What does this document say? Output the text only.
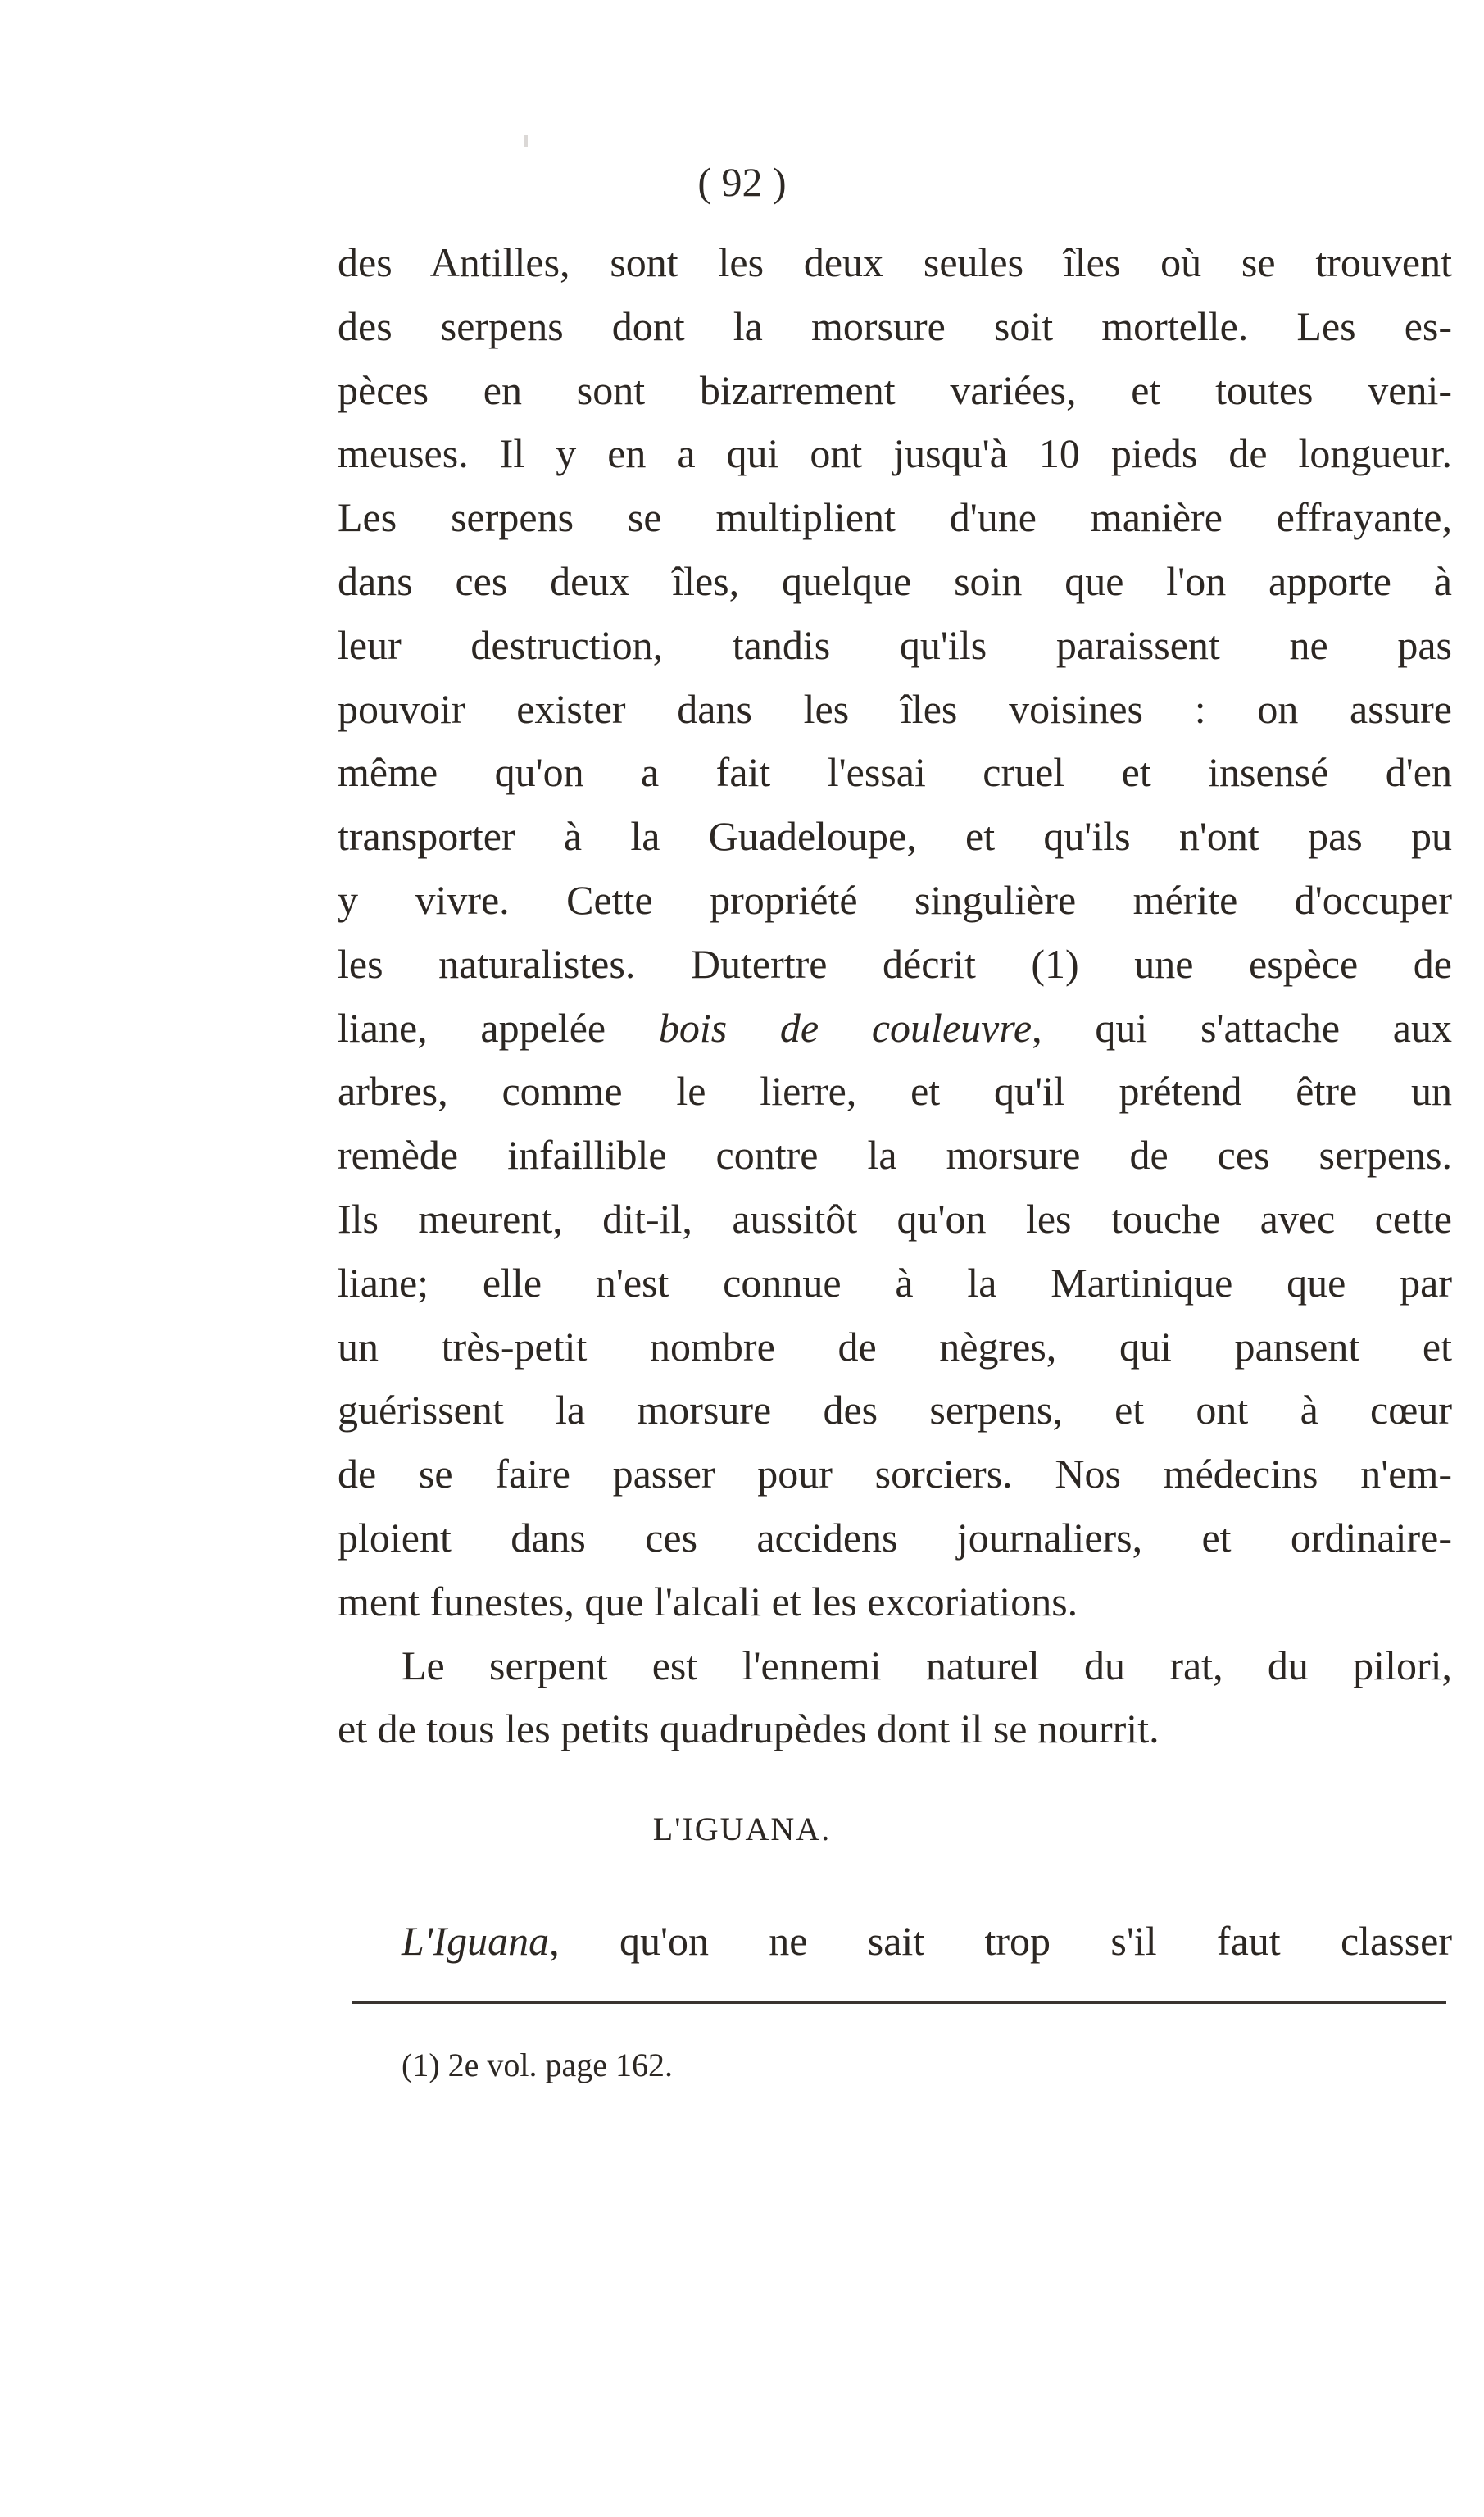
( 92 )
des Antilles, sont les deux seules îles où se trouvent
des serpens dont la morsure soit mortelle. Les es-
pèces en sont bizarrement variées, et toutes veni-
meuses. Il y en a qui ont jusqu'à 10 pieds de longueur.
Les serpens se multiplient d'une manière effrayante,
dans ces deux îles, quelque soin que l'on apporte à
leur destruction, tandis qu'ils paraissent ne pas
pouvoir exister dans les îles voisines : on assure
même qu'on a fait l'essai cruel et insensé d'en
transporter à la Guadeloupe, et qu'ils n'ont pas pu
y vivre. Cette propriété singulière mérite d'occuper
les naturalistes. Dutertre décrit (1) une espèce de
liane, appelée bois de couleuvre, qui s'attache aux
arbres, comme le lierre, et qu'il prétend être un
remède infaillible contre la morsure de ces serpens.
Ils meurent, dit-il, aussitôt qu'on les touche avec cette
liane; elle n'est connue à la Martinique que par
un très-petit nombre de nègres, qui pansent et
guérissent la morsure des serpens, et ont à cœur
de se faire passer pour sorciers. Nos médecins n'em-
ploient dans ces accidens journaliers, et ordinaire-
ment funestes, que l'alcali et les excoriations.
Le serpent est l'ennemi naturel du rat, du pilori,
et de tous les petits quadrupèdes dont il se nourrit.
L'IGUANA.
L'Iguana, qu'on ne sait trop s'il faut classer
(1) 2e vol. page 162.
